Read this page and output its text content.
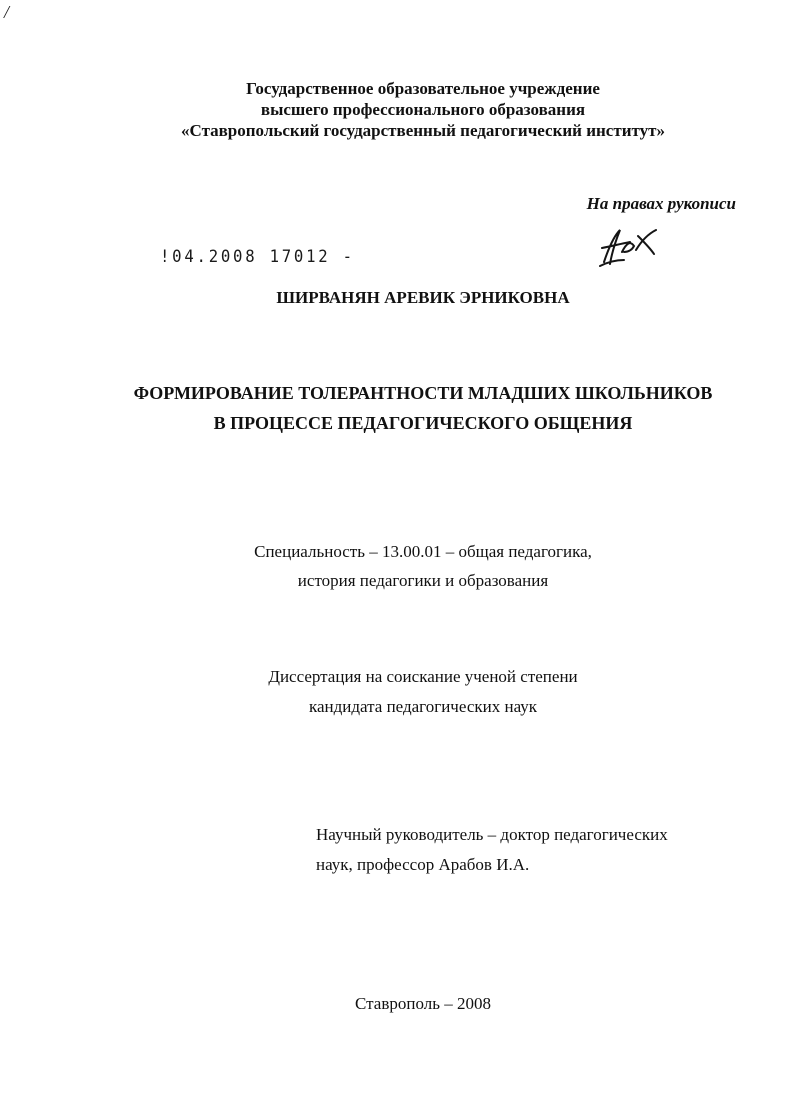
/
Государственное образовательное учреждение
высшего профессионального образования
«Ставропольский государственный педагогический институт»
На правах рукописи
!04.2008 17012 -
ШИРВАНЯН АРЕВИК ЭРНИКОВНА
ФОРМИРОВАНИЕ ТОЛЕРАНТНОСТИ МЛАДШИХ ШКОЛЬНИКОВ
В ПРОЦЕССЕ ПЕДАГОГИЧЕСКОГО ОБЩЕНИЯ
Специальность – 13.00.01 – общая педагогика,
история педагогики и образования
Диссертация на соискание ученой степени
кандидата педагогических наук
Научный руководитель – доктор педагогических
наук, профессор Арабов И.А.
Ставрополь – 2008
